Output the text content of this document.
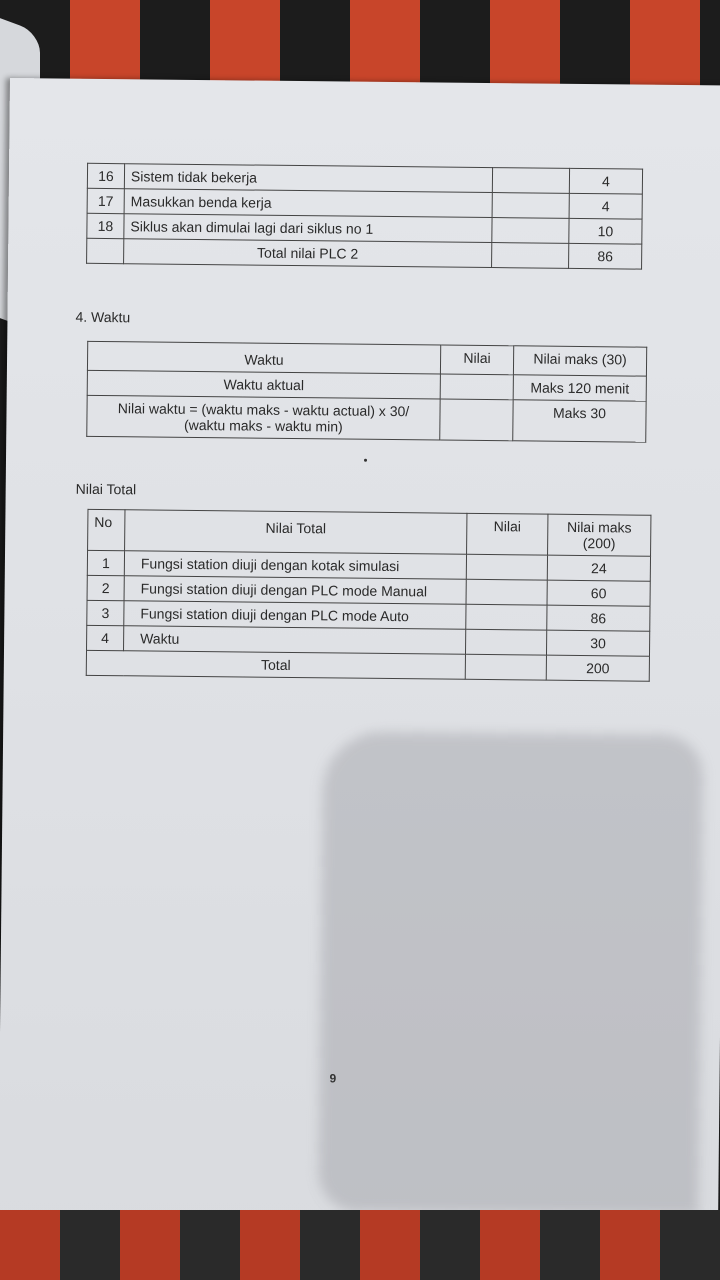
16	Sistem tidak bekerja		4
17	Masukkan benda kerja		4
18	Siklus akan dimulai lagi dari siklus no 1		10
	Total nilai PLC 2		86
4. Waktu
Waktu	Nilai	Nilai maks (30)
Waktu aktual		Maks 120 menit

Nilai waktu = (waktu maks - waktu actual) x 30/
(waktu maks - waktu min)		Maks 30
Nilai Total
No	Nilai Total	Nilai	Nilai maks
(200)

1	Fungsi station diuji dengan kotak simulasi		24
2	Fungsi station diuji dengan PLC mode Manual		60
3	Fungsi station diuji dengan PLC mode Auto		86
4	Waktu		30
Total			200
9
